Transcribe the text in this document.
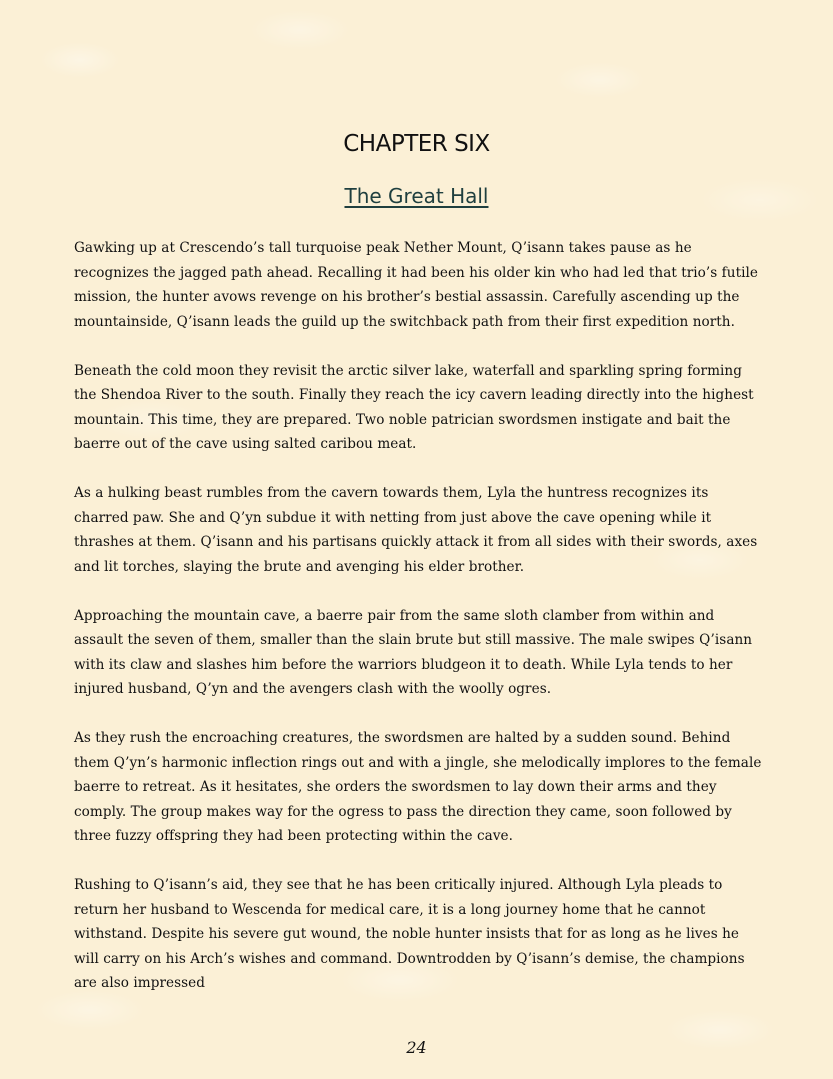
CHAPTER SIX
The Great Hall

Gawking up at Crescendo’s tall turquoise peak Nether Mount, Q’isann takes pause as he recognizes the jagged path ahead. Recalling it had been his older kin who had led that trio’s futile mission, the hunter avows revenge on his brother’s bestial assassin. Carefully ascending up the mountainside, Q’isann leads the guild up the switchback path from their first expedition north.

Beneath the cold moon they revisit the arctic silver lake, waterfall and sparkling spring forming the Shendoa River to the south. Finally they reach the icy cavern leading directly into the highest mountain. This time, they are prepared. Two noble patrician swordsmen instigate and bait the baerre out of the cave using salted caribou meat.

As a hulking beast rumbles from the cavern towards them, Lyla the huntress recognizes its charred paw. She and Q’yn subdue it with netting from just above the cave opening while it thrashes at them. Q’isann and his partisans quickly attack it from all sides with their swords, axes and lit torches, slaying the brute and avenging his elder brother.

Approaching the mountain cave, a baerre pair from the same sloth clamber from within and assault the seven of them, smaller than the slain brute but still massive. The male swipes Q’isann with its claw and slashes him before the warriors bludgeon it to death. While Lyla tends to her injured husband, Q’yn and the avengers clash with the woolly ogres.

As they rush the encroaching creatures, the swordsmen are halted by a sudden sound. Behind them Q’yn’s harmonic inflection rings out and with a jingle, she melodically implores to the female baerre to retreat. As it hesitates, she orders the swordsmen to lay down their arms and they comply. The group makes way for the ogress to pass the direction they came, soon followed by three fuzzy offspring they had been protecting within the cave.

Rushing to Q’isann’s aid, they see that he has been critically injured. Although Lyla pleads to return her husband to Wescenda for medical care, it is a long journey home that he cannot withstand. Despite his severe gut wound, the noble hunter insists that for as long as he lives he will carry on his Arch’s wishes and command. Downtrodden by Q’isann’s demise, the champions are also impressed

24
